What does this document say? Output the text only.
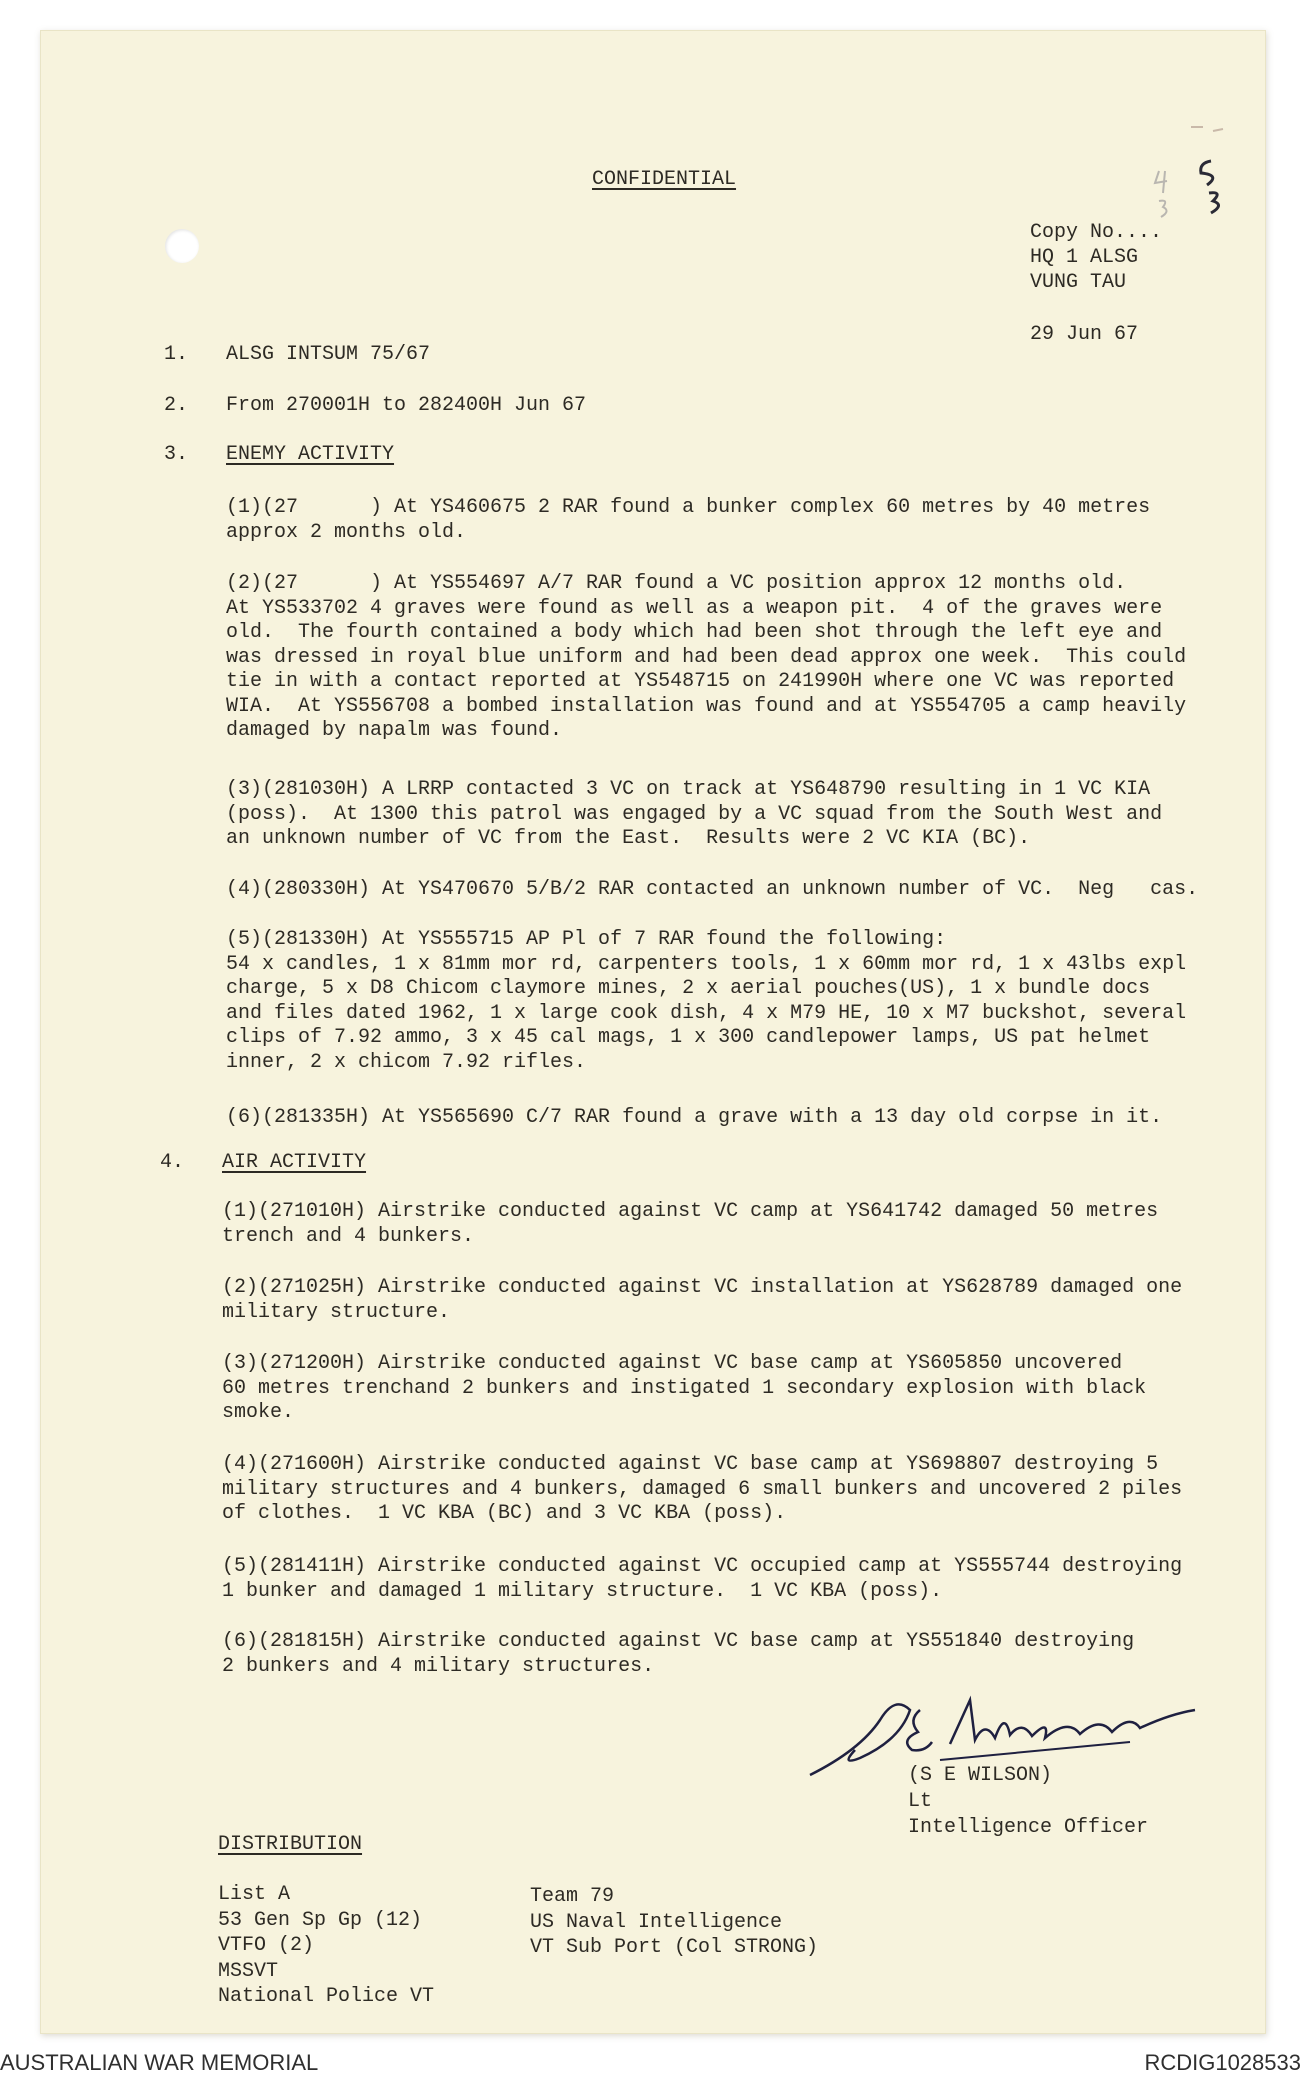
CONFIDENTIAL
Copy No....
HQ 1 ALSG
VUNG TAU
29 Jun 67
1. ALSG INTSUM 75/67
2. From 270001H to 282400H Jun 67
3. ENEMY ACTIVITY
(1)(27      ) At YS460675 2 RAR found a bunker complex 60 metres by 40 metres
approx 2 months old.
(2)(27      ) At YS554697 A/7 RAR found a VC position approx 12 months old.
At YS533702 4 graves were found as well as a weapon pit.  4 of the graves were
old.  The fourth contained a body which had been shot through the left eye and
was dressed in royal blue uniform and had been dead approx one week.  This could
tie in with a contact reported at YS548715 on 241990H where one VC was reported
WIA.  At YS556708 a bombed installation was found and at YS554705 a camp heavily
damaged by napalm was found.
(3)(281030H) A LRRP contacted 3 VC on track at YS648790 resulting in 1 VC KIA
(poss).  At 1300 this patrol was engaged by a VC squad from the South West and
an unknown number of VC from the East.  Results were 2 VC KIA (BC).
(4)(280330H) At YS470670 5/B/2 RAR contacted an unknown number of VC.  Neg   cas.
(5)(281330H) At YS555715 AP Pl of 7 RAR found the following:
54 x candles, 1 x 81mm mor rd, carpenters tools, 1 x 60mm mor rd, 1 x 43lbs expl
charge, 5 x D8 Chicom claymore mines, 2 x aerial pouches(US), 1 x bundle docs
and files dated 1962, 1 x large cook dish, 4 x M79 HE, 10 x M7 buckshot, several
clips of 7.92 ammo, 3 x 45 cal mags, 1 x 300 candlepower lamps, US pat helmet
inner, 2 x chicom 7.92 rifles.
(6)(281335H) At YS565690 C/7 RAR found a grave with a 13 day old corpse in it.
4. AIR ACTIVITY
(1)(271010H) Airstrike conducted against VC camp at YS641742 damaged 50 metres
trench and 4 bunkers.
(2)(271025H) Airstrike conducted against VC installation at YS628789 damaged one
military structure.
(3)(271200H) Airstrike conducted against VC base camp at YS605850 uncovered
60 metres trenchand 2 bunkers and instigated 1 secondary explosion with black
smoke.
(4)(271600H) Airstrike conducted against VC base camp at YS698807 destroying 5
military structures and 4 bunkers, damaged 6 small bunkers and uncovered 2 piles
of clothes.  1 VC KBA (BC) and 3 VC KBA (poss).
(5)(281411H) Airstrike conducted against VC occupied camp at YS555744 destroying
1 bunker and damaged 1 military structure.  1 VC KBA (poss).
(6)(281815H) Airstrike conducted against VC base camp at YS551840 destroying
2 bunkers and 4 military structures.
(S E WILSON)
Lt
Intelligence Officer
DISTRIBUTION
List A
53 Gen Sp Gp (12)
VTFO (2)
MSSVT
National Police VT
Team 79
US Naval Intelligence
VT Sub Port (Col STRONG)
AUSTRALIAN WAR MEMORIAL	RCDIG1028533
